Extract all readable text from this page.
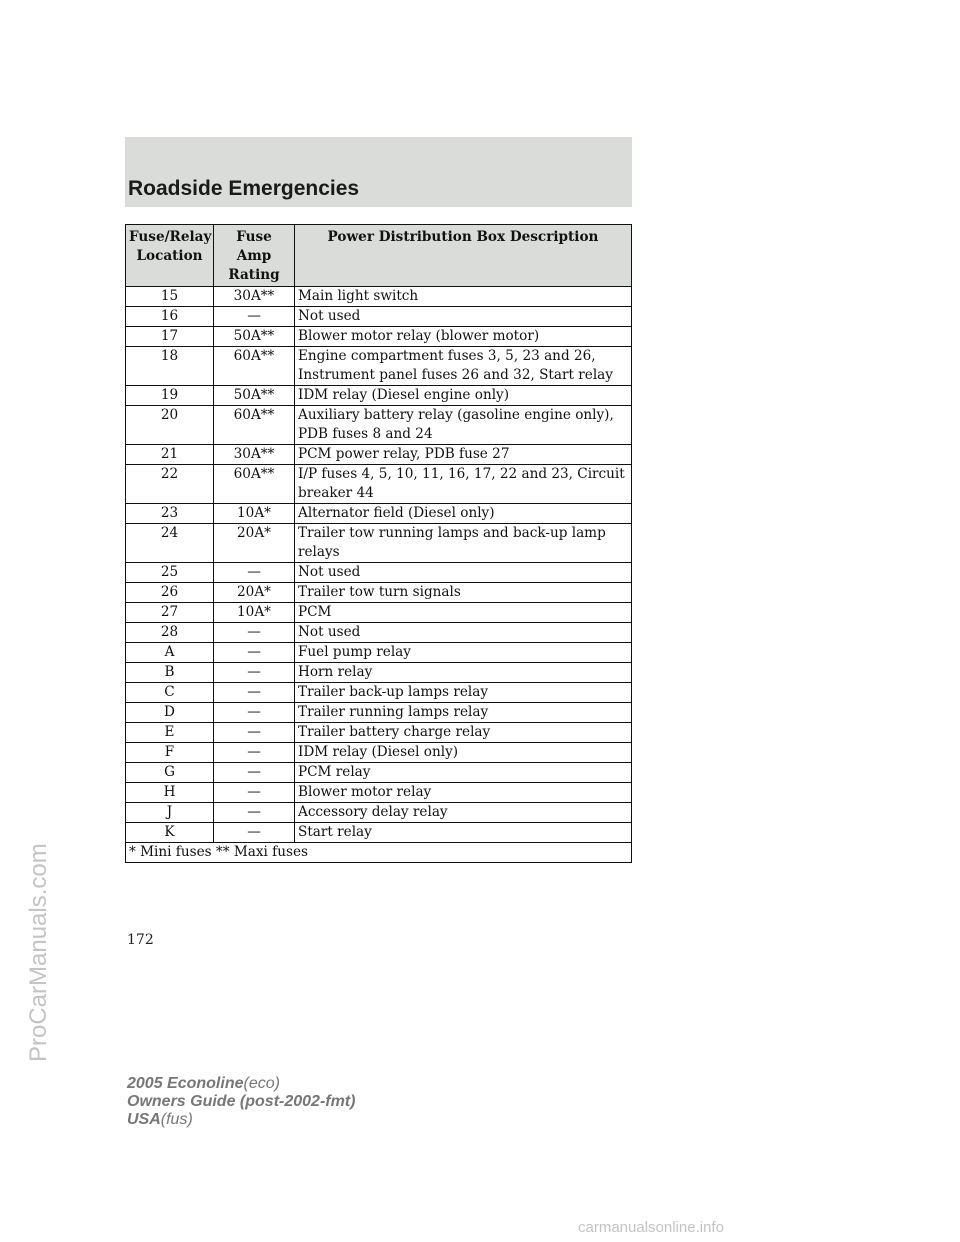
Roadside Emergencies
Fuse/Relay Location	Fuse Amp Rating	Power Distribution Box Description
15	30A**	Main light switch
16	—	Not used
17	50A**	Blower motor relay (blower motor)
18	60A**	Engine compartment fuses 3, 5, 23 and 26, Instrument panel fuses 26 and 32, Start relay
19	50A**	IDM relay (Diesel engine only)
20	60A**	Auxiliary battery relay (gasoline engine only), PDB fuses 8 and 24
21	30A**	PCM power relay, PDB fuse 27
22	60A**	I/P fuses 4, 5, 10, 11, 16, 17, 22 and 23, Circuit breaker 44
23	10A*	Alternator field (Diesel only)
24	20A*	Trailer tow running lamps and back-up lamp relays
25	—	Not used
26	20A*	Trailer tow turn signals
27	10A*	PCM
28	—	Not used
A	—	Fuel pump relay
B	—	Horn relay
C	—	Trailer back-up lamps relay
D	—	Trailer running lamps relay
E	—	Trailer battery charge relay
F	—	IDM relay (Diesel only)
G	—	PCM relay
H	—	Blower motor relay
J	—	Accessory delay relay
K	—	Start relay
* Mini fuses ** Maxi fuses		
172
2005 Econoline(eco)
Owners Guide (post-2002-fmt)
USA(fus)
ProCarManuals.com
carmanualsonline.info
